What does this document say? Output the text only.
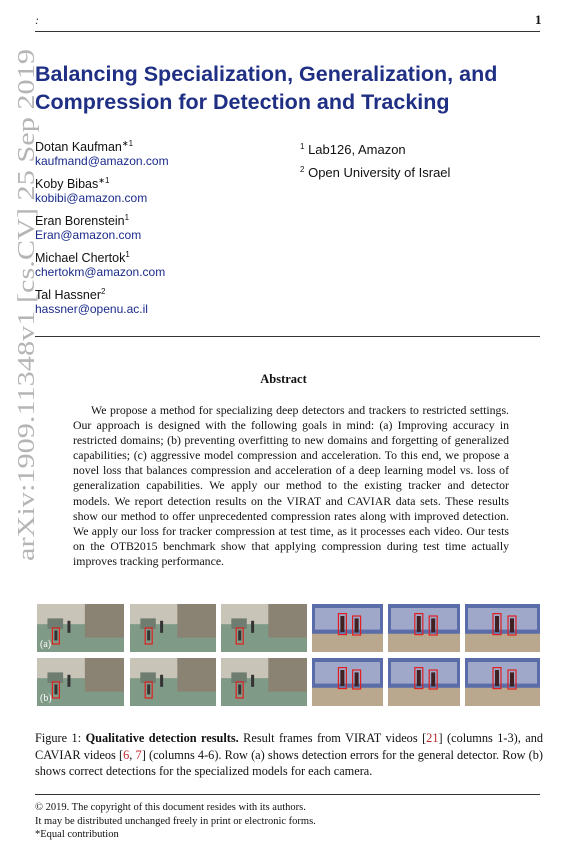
:	1
arXiv:1909.11348v1 [cs.CV] 25 Sep 2019
Balancing Specialization, Generalization, and Compression for Detection and Tracking
Dotan Kaufman$^{∗1}$
kaufmand@amazon.com
Koby Bibas$^{∗1}$
kobibi@amazon.com
Eran Borenstein$^1$
Eran@amazon.com
Michael Chertok$^1$
chertokm@amazon.com
Tal Hassner$^2$
hassner@openu.ac.il
$^1$ Lab126, Amazon
$^2$ Open University of Israel
Abstract
We propose a method for specializing deep detectors and trackers to restricted settings. Our approach is designed with the following goals in mind: (a) Improving accuracy in restricted domains; (b) preventing overfitting to new domains and forgetting of generalized capabilities; (c) aggressive model compression and acceleration. To this end, we propose a novel loss that balances compression and acceleration of a deep learning model vs. loss of generalization capabilities. We apply our method to the existing tracker and detector models. We report detection results on the VIRAT and CAVIAR data sets. These results show our method to offer unprecedented compression rates along with improved detection. We apply our loss for tracker compression at test time, as it processes each video. Our tests on the OTB2015 benchmark show that applying compression during test time actually improves tracking performance.
(a)
(b)
Figure 1: Qualitative detection results. Result frames from VIRAT videos [21] (columns 1-3), and CAVIAR videos [6, 7] (columns 4-6). Row (a) shows detection errors for the general detector. Row (b) shows correct detections for the specialized models for each camera.
© 2019. The copyright of this document resides with its authors.
It may be distributed unchanged freely in print or electronic forms.
*Equal contribution
